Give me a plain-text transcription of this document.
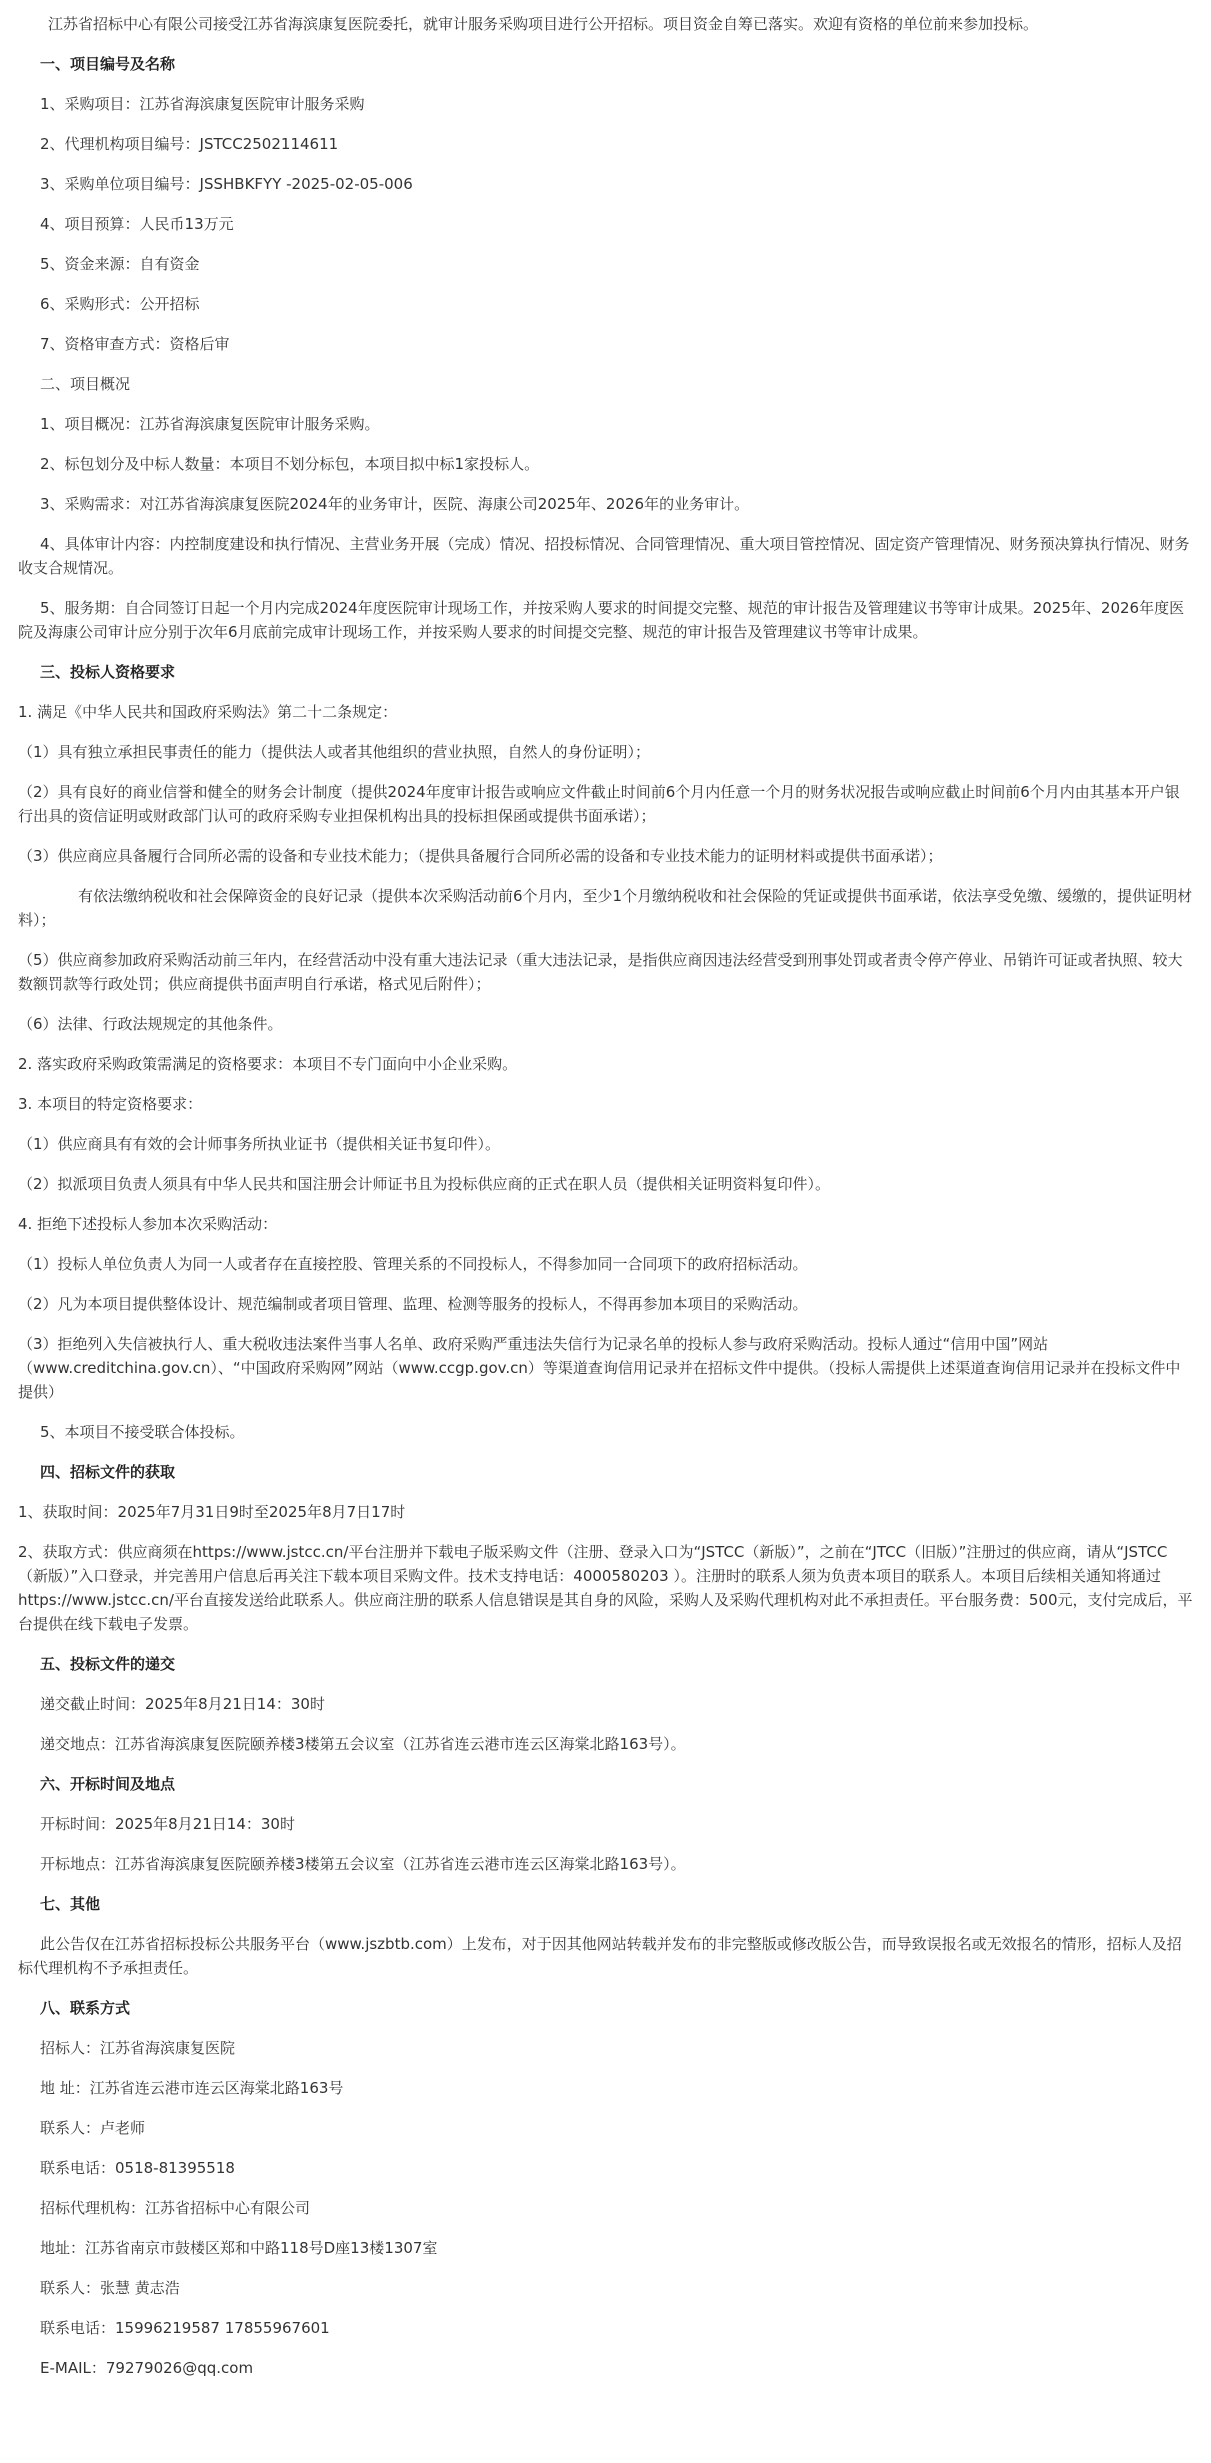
江苏省招标中心有限公司接受江苏省海滨康复医院委托，就审计服务采购项目进行公开招标。项目资金自筹已落实。欢迎有资格的单位前来参加投标。

一、项目编号及名称

1、采购项目：江苏省海滨康复医院审计服务采购

2、代理机构项目编号：JSTCC2502114611

3、采购单位项目编号：JSSHBKFYY -2025-02-05-006

4、项目预算：人民币13万元

5、资金来源：自有资金

6、采购形式：公开招标

7、资格审查方式：资格后审

二、项目概况

1、项目概况：江苏省海滨康复医院审计服务采购。

2、标包划分及中标人数量：本项目不划分标包，本项目拟中标1家投标人。

3、采购需求：对江苏省海滨康复医院2024年的业务审计，医院、海康公司2025年、2026年的业务审计。

4、具体审计内容：内控制度建设和执行情况、主营业务开展（完成）情况、招投标情况、合同管理情况、重大项目管控情况、固定资产管理情况、财务预决算执行情况、财务收支合规情况。

5、服务期：自合同签订日起一个月内完成2024年度医院审计现场工作，并按采购人要求的时间提交完整、规范的审计报告及管理建议书等审计成果。2025年、2026年度医院及海康公司审计应分别于次年6月底前完成审计现场工作，并按采购人要求的时间提交完整、规范的审计报告及管理建议书等审计成果。

三、投标人资格要求

1. 满足《中华人民共和国政府采购法》第二十二条规定：

（1）具有独立承担民事责任的能力（提供法人或者其他组织的营业执照，自然人的身份证明）；

（2）具有良好的商业信誉和健全的财务会计制度（提供2024年度审计报告或响应文件截止时间前6个月内任意一个月的财务状况报告或响应截止时间前6个月内由其基本开户银行出具的资信证明或财政部门认可的政府采购专业担保机构出具的投标担保函或提供书面承诺）；

（3）供应商应具备履行合同所必需的设备和专业技术能力；（提供具备履行合同所必需的设备和专业技术能力的证明材料或提供书面承诺）；

有依法缴纳税收和社会保障资金的良好记录（提供本次采购活动前6个月内，至少1个月缴纳税收和社会保险的凭证或提供书面承诺，依法享受免缴、缓缴的，提供证明材料）；

（5）供应商参加政府采购活动前三年内，在经营活动中没有重大违法记录（重大违法记录，是指供应商因违法经营受到刑事处罚或者责令停产停业、吊销许可证或者执照、较大数额罚款等行政处罚；供应商提供书面声明自行承诺，格式见后附件）；

（6）法律、行政法规规定的其他条件。

2. 落实政府采购政策需满足的资格要求：本项目不专门面向中小企业采购。

3. 本项目的特定资格要求：

（1）供应商具有有效的会计师事务所执业证书（提供相关证书复印件）。

（2）拟派项目负责人须具有中华人民共和国注册会计师证书且为投标供应商的正式在职人员（提供相关证明资料复印件）。

4. 拒绝下述投标人参加本次采购活动：

（1）投标人单位负责人为同一人或者存在直接控股、管理关系的不同投标人，不得参加同一合同项下的政府招标活动。

（2）凡为本项目提供整体设计、规范编制或者项目管理、监理、检测等服务的投标人，不得再参加本项目的采购活动。

（3）拒绝列入失信被执行人、重大税收违法案件当事人名单、政府采购严重违法失信行为记录名单的投标人参与政府采购活动。投标人通过“信用中国”网站（www.creditchina.gov.cn）、“中国政府采购网”网站（www.ccgp.gov.cn）等渠道查询信用记录并在招标文件中提供。（投标人需提供上述渠道查询信用记录并在投标文件中提供）

5、本项目不接受联合体投标。

四、招标文件的获取

1、获取时间：2025年7月31日9时至2025年8月7日17时

2、获取方式：供应商须在https://www.jstcc.cn/平台注册并下载电子版采购文件（注册、登录入口为“JSTCC（新版）”，之前在“JTCC（旧版）”注册过的供应商，请从“JSTCC（新版）”入口登录，并完善用户信息后再关注下载本项目采购文件。技术支持电话：4000580203 ）。注册时的联系人须为负责本项目的联系人。本项目后续相关通知将通过https://www.jstcc.cn/平台直接发送给此联系人。供应商注册的联系人信息错误是其自身的风险，采购人及采购代理机构对此不承担责任。平台服务费：500元，支付完成后，平台提供在线下载电子发票。

五、投标文件的递交

递交截止时间：2025年8月21日14：30时

递交地点：江苏省海滨康复医院颐养楼3楼第五会议室（江苏省连云港市连云区海棠北路163号）。

六、开标时间及地点

开标时间：2025年8月21日14：30时

开标地点：江苏省海滨康复医院颐养楼3楼第五会议室（江苏省连云港市连云区海棠北路163号）。

七、其他

此公告仅在江苏省招标投标公共服务平台（www.jszbtb.com）上发布，对于因其他网站转载并发布的非完整版或修改版公告，而导致误报名或无效报名的情形，招标人及招标代理机构不予承担责任。

八、联系方式

招标人：江苏省海滨康复医院

地 址：江苏省连云港市连云区海棠北路163号

联系人：卢老师

联系电话：0518-81395518

招标代理机构：江苏省招标中心有限公司

地址：江苏省南京市鼓楼区郑和中路118号D座13楼1307室

联系人：张慧 黄志浩

联系电话：15996219587 17855967601

E-MAIL：79279026@qq.com
